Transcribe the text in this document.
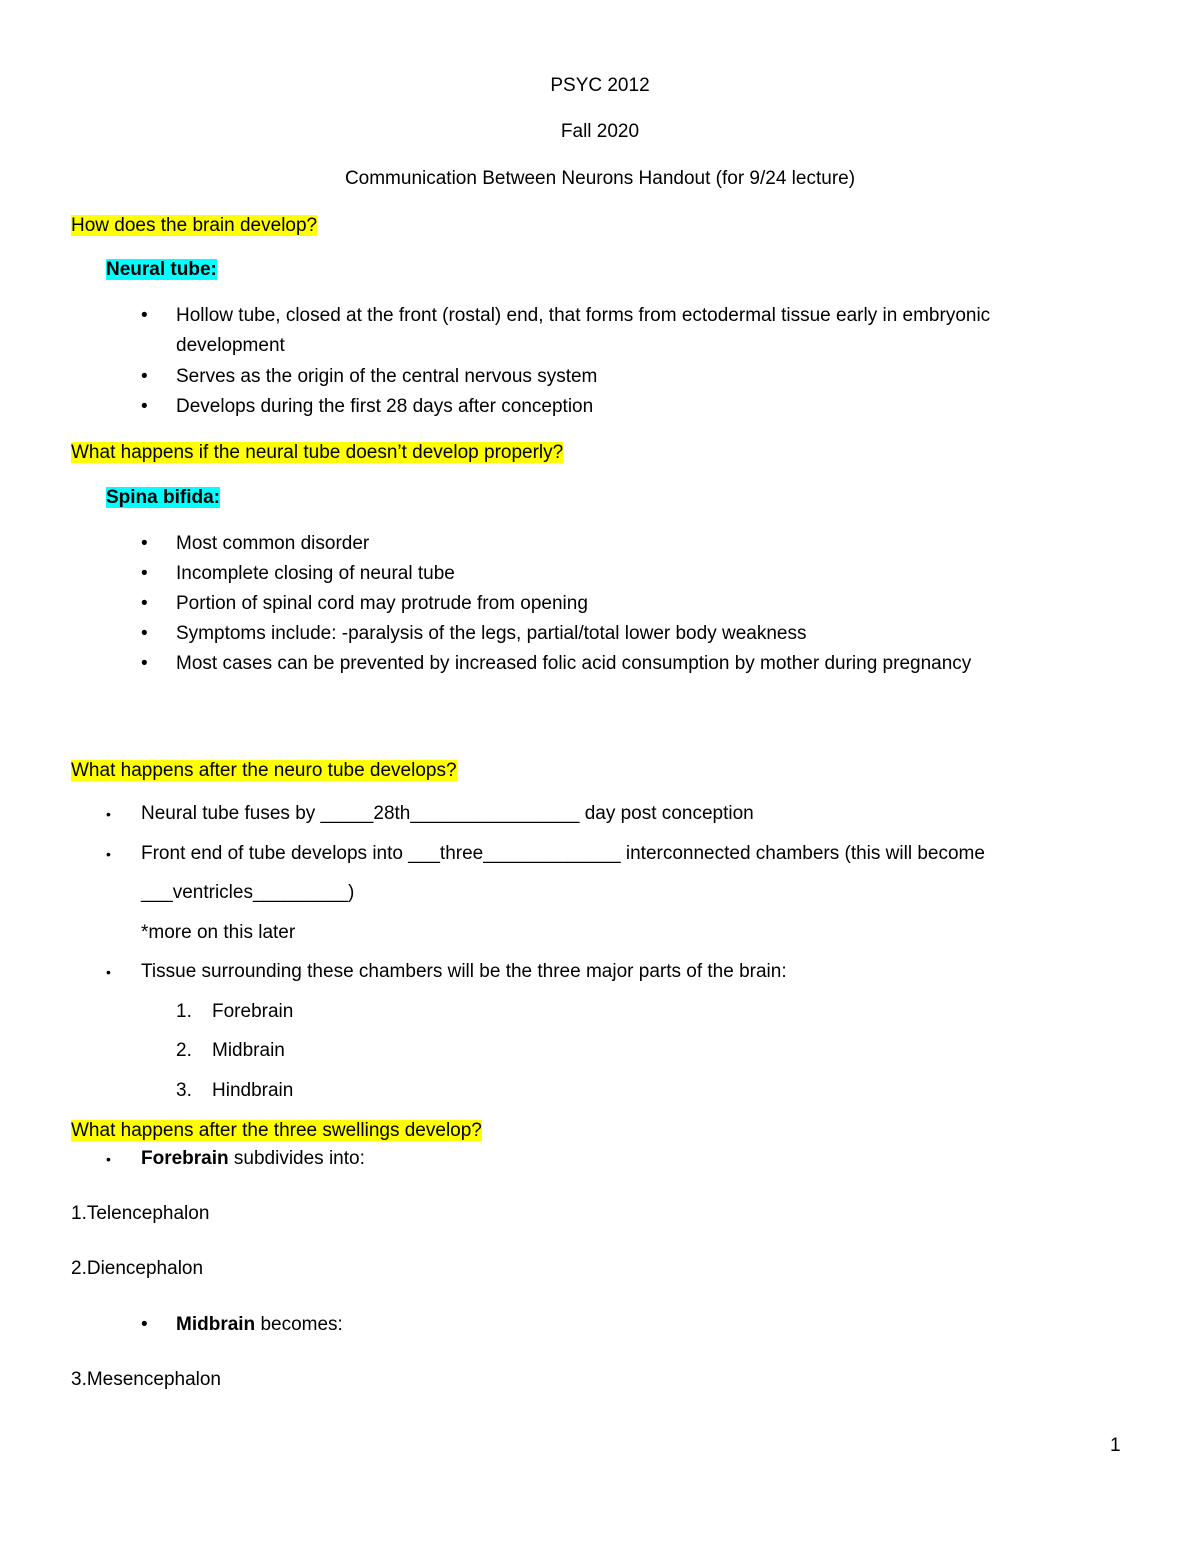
PSYC 2012
Fall 2020
Communication Between Neurons Handout (for 9/24 lecture)
How does the brain develop?
Neural tube:
• Hollow tube, closed at the front (rostal) end, that forms from ectodermal tissue early in embryonic
development
• Serves as the origin of the central nervous system
• Develops during the first 28 days after conception
What happens if the neural tube doesn’t develop properly?
Spina bifida:
• Most common disorder
• Incomplete closing of neural tube
• Portion of spinal cord may protrude from opening
• Symptoms include: -paralysis of the legs, partial/total lower body weakness
• Most cases can be prevented by increased folic acid consumption by mother during pregnancy
What happens after the neuro tube develops?
• Neural tube fuses by _____28th________________ day post conception
• Front end of tube develops into ___three_____________ interconnected chambers (this will become
___ventricles_________)
*more on this later
• Tissue surrounding these chambers will be the three major parts of the brain:
1. Forebrain
2. Midbrain
3. Hindbrain
What happens after the three swellings develop?
• Forebrain subdivides into:
1.Telencephalon
2.Diencephalon
• Midbrain becomes:
3.Mesencephalon
1
